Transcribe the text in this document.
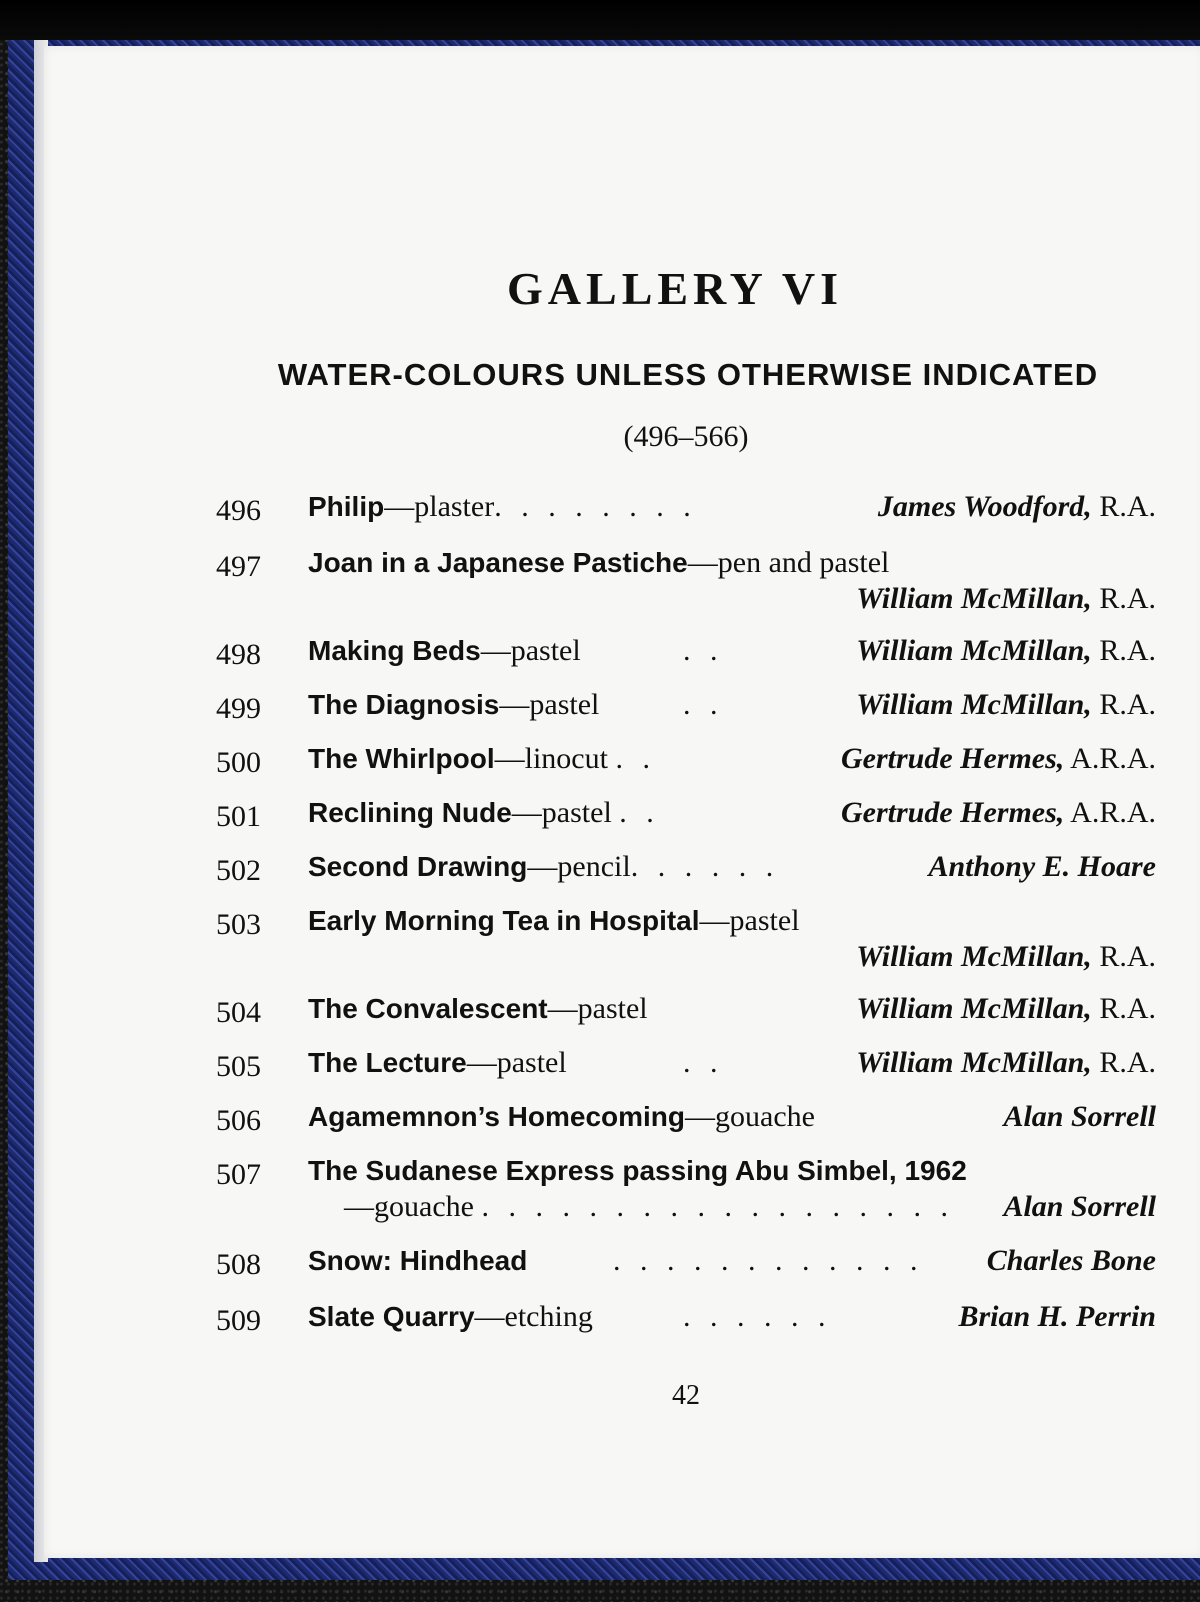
GALLERY VI
WATER-COLOURS UNLESS OTHERWISE INDICATED
(496–566)
496	Philip—plaster. . . . . . . .	James Woodford, R.A.
497	Joan in a Japanese Pastiche—pen and pastel
William McMillan, R.A.
498	Making Beds—pastel	. .	William McMillan, R.A.
499	The Diagnosis—pastel	. .	William McMillan, R.A.
500	The Whirlpool—linocut . .	Gertrude Hermes, A.R.A.
501	Reclining Nude—pastel . .	Gertrude Hermes, A.R.A.
502	Second Drawing—pencil. . . . . .	Anthony E. Hoare
503	Early Morning Tea in Hospital—pastel
William McMillan, R.A.
504	The Convalescent—pastel	William McMillan, R.A.
505	The Lecture—pastel	. .	William McMillan, R.A.
506	Agamemnon’s Homecoming—gouache	Alan Sorrell
507	The Sudanese Express passing Abu Simbel, 1962
—gouache . . . . . . . . . . . . . . . . . . Alan Sorrell
508	Snow: Hindhead	. . . . . . . . . . . . Charles Bone
509	Slate Quarry—etching	. . . . . .	Brian H. Perrin
42
